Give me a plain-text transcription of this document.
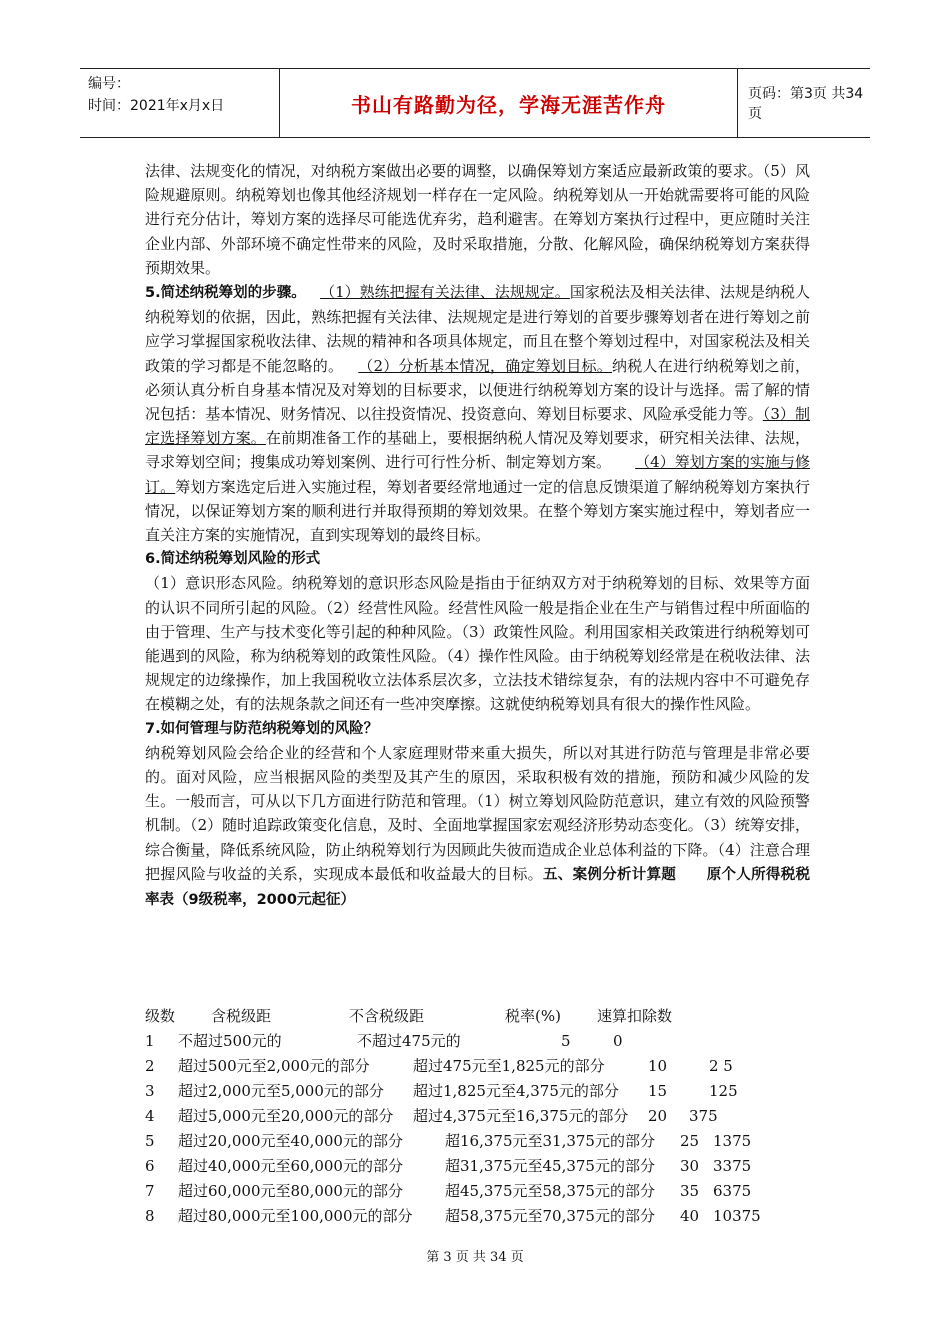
编号：
时间：2021年x月x日	书山有路勤为径，学海无涯苦作舟	页码：第3页 共34页

法律、法规变化的情况，对纳税方案做出必要的调整，以确保筹划方案适应最新政策的要求。（5）风险规避原则。纳税筹划也像其他经济规划一样存在一定风险。纳税筹划从一开始就需要将可能的风险进行充分估计，筹划方案的选择尽可能选优弃劣，趋利避害。在筹划方案执行过程中，更应随时关注企业内部、外部环境不确定性带来的风险，及时采取措施，分散、化解风险，确保纳税筹划方案获得预期效果。

5.简述纳税筹划的步骤。 （1）熟练把握有关法律、法规规定。国家税法及相关法律、法规是纳税人纳税筹划的依据，因此，熟练把握有关法律、法规规定是进行筹划的首要步骤筹划者在进行筹划之前应学习掌握国家税收法律、法规的精神和各项具体规定，而且在整个筹划过程中，对国家税法及相关政策的学习都是不能忽略的。 （2）分析基本情况，确定筹划目标。纳税人在进行纳税筹划之前，必须认真分析自身基本情况及对筹划的目标要求，以便进行纳税筹划方案的设计与选择。需了解的情况包括：基本情况、财务情况、以往投资情况、投资意向、筹划目标要求、风险承受能力等。（3）制定选择筹划方案。在前期准备工作的基础上，要根据纳税人情况及筹划要求，研究相关法律、法规，寻求筹划空间；搜集成功筹划案例、进行可行性分析、制定筹划方案。 （4）筹划方案的实施与修订。筹划方案选定后进入实施过程，筹划者要经常地通过一定的信息反馈渠道了解纳税筹划方案执行情况，以保证筹划方案的顺利进行并取得预期的筹划效果。在整个筹划方案实施过程中，筹划者应一直关注方案的实施情况，直到实现筹划的最终目标。

6.简述纳税筹划风险的形式

（1）意识形态风险。纳税筹划的意识形态风险是指由于征纳双方对于纳税筹划的目标、效果等方面的认识不同所引起的风险。（2）经营性风险。经营性风险一般是指企业在生产与销售过程中所面临的由于管理、生产与技术变化等引起的种种风险。（3）政策性风险。利用国家相关政策进行纳税筹划可能遇到的风险，称为纳税筹划的政策性风险。（4）操作性风险。由于纳税筹划经常是在税收法律、法规规定的边缘操作，加上我国税收立法体系层次多，立法技术错综复杂，有的法规内容中不可避免存在模糊之处，有的法规条款之间还有一些冲突摩擦。这就使纳税筹划具有很大的操作性风险。

7.如何管理与防范纳税筹划的风险？

纳税筹划风险会给企业的经营和个人家庭理财带来重大损失，所以对其进行防范与管理是非常必要的。面对风险，应当根据风险的类型及其产生的原因，采取积极有效的措施，预防和减少风险的发生。一般而言，可从以下几方面进行防范和管理。（1）树立筹划风险防范意识，建立有效的风险预警机制。（2）随时追踪政策变化信息，及时、全面地掌握国家宏观经济形势动态变化。（3）统筹安排，综合衡量，降低系统风险，防止纳税筹划行为因顾此失彼而造成企业总体利益的下降。（4）注意合理把握风险与收益的关系，实现成本最低和收益最大的目标。五、案例分析计算题 原个人所得税税率表（9级税率，2000元起征）

级数 含税级距	不含税级距	税率(%) 速算扣除数
1 不超过500元的	不超过475元的	5	0
2 超过500元至2,000元的部分	超过475元至1,825元的部分	10	2 5
3 超过2,000元至5,000元的部分 超过1,825元至4,375元的部分 15	125
4 超过5,000元至20,000元的部分 超过4,375元至16,375元的部分 20 375
5 超过20,000元至40,000元的部分	超16,375元至31,375元的部分 25 1375
6 超过40,000元至60,000元的部分	超31,375元至45,375元的部分 30 3375
7 超过60,000元至80,000元的部分	超45,375元至58,375元的部分 35 6375
8 超过80,000元至100,000元的部分 超58,375元至70,375元的部分 40 10375
第 3 页 共 34 页
